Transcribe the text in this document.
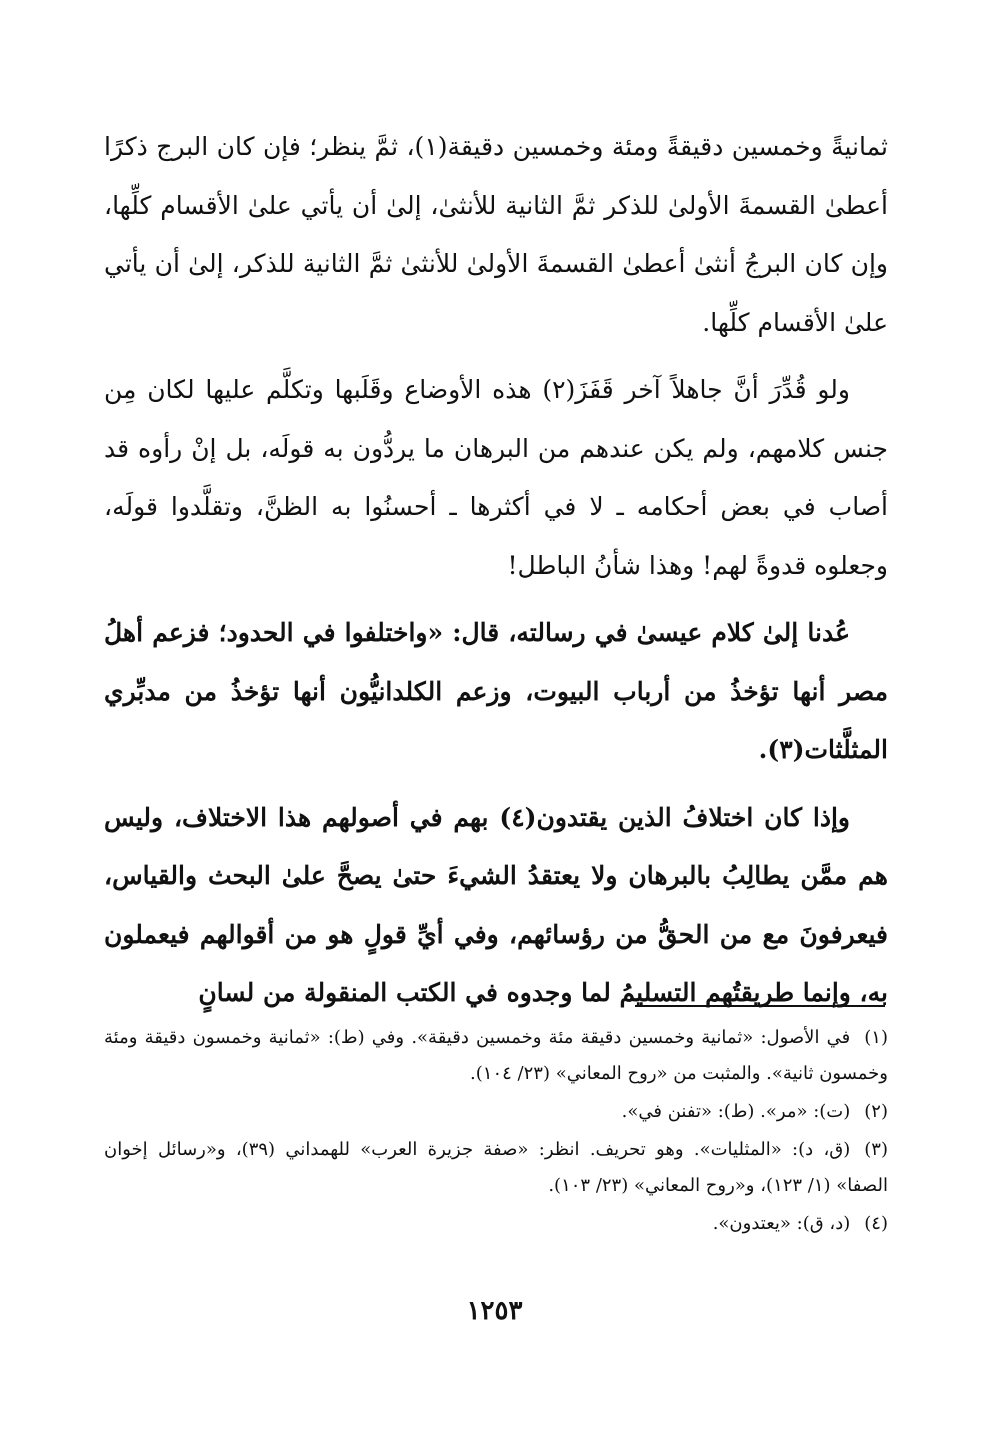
ثمانيةً وخمسين دقيقةً ومئة وخمسين دقيقة(١)، ثمَّ ينظر؛ فإن كان البرج ذكرًا أعطىٰ القسمةَ الأولىٰ للذكر ثمَّ الثانية للأنثىٰ، إلىٰ أن يأتي علىٰ الأقسام كلِّها، وإن كان البرجُ أنثىٰ أعطىٰ القسمةَ الأولىٰ للأنثىٰ ثمَّ الثانية للذكر، إلىٰ أن يأتي علىٰ الأقسام كلِّها.

ولو قُدِّرَ أنَّ جاهلاً آخر قَفَزَ(٢) هذه الأوضاع وقَلَبها وتكلَّم عليها لكان مِن جنس كلامهم، ولم يكن عندهم من البرهان ما يردُّون به قولَه، بل إنْ رأوه قد أصاب في بعض أحكامه ـ لا في أكثرها ـ أحسنُوا به الظنَّ، وتقلَّدوا قولَه، وجعلوه قدوةً لهم! وهذا شأنُ الباطل!

عُدنا إلىٰ كلام عيسىٰ في رسالته، قال: «واختلفوا في الحدود؛ فزعم أهلُ مصر أنها تؤخذُ من أرباب البيوت، وزعم الكلدانيُّون أنها تؤخذُ من مدبِّري المثلَّثات(٣).

وإذا كان اختلافُ الذين يقتدون(٤) بهم في أصولهم هذا الاختلاف، وليس هم ممَّن يطالِبُ بالبرهان ولا يعتقدُ الشيءَ حتىٰ يصحَّ علىٰ البحث والقياس، فيعرفونَ مع من الحقُّ من رؤسائهم، وفي أيِّ قولٍ هو من أقوالهم فيعملون به، وإنما طريقتُهم التسليمُ لما وجدوه في الكتب المنقولة من لسانٍ

(١)في الأصول: «ثمانية وخمسين دقيقة مئة وخمسين دقيقة». وفي (ط): «ثمانية وخمسون دقيقة ومئة وخمسون ثانية». والمثبت من «روح المعاني» (٢٣/ ١٠٤).

(٢)(ت): «مر». (ط): «تفنن في».

(٣)(ق، د): «المثليات». وهو تحريف. انظر: «صفة جزيرة العرب» للهمداني (٣٩)، و«رسائل إخوان الصفا» (١/ ١٢٣)، و«روح المعاني» (٢٣/ ١٠٣).

(٤)(د، ق): «يعتدون».

١٢٥٣
